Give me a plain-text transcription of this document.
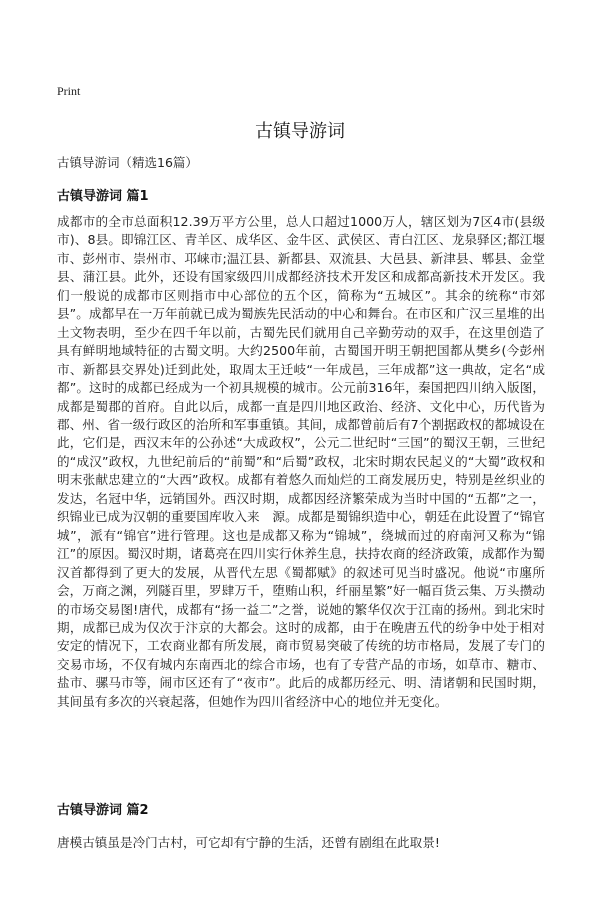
Print
古镇导游词

古镇导游词（精选16篇）

古镇导游词 篇1

成都市的全市总面积12.39万平方公里，总人口超过1000万人，辖区划为7区4市(县级市)、8县。即锦江区、青羊区、成华区、金牛区、武侯区、青白江区、龙泉驿区;都江堰市、彭州市、崇州市、邛崃市;温江县、新都县、双流县、大邑县、新津县、郫县、金堂县、蒲江县。此外，还设有国家级四川成都经济技术开发区和成都高新技术开发区。我们一般说的成都市区则指市中心部位的五个区，简称为“五城区”。其余的统称“市郊县”。成都早在一万年前就已成为蜀族先民活动的中心和舞台。在市区和广汉三星堆的出土文物表明，至少在四千年以前，古蜀先民们就用自己辛勤劳动的双手，在这里创造了具有鲜明地域特征的古蜀文明。大约2500年前，古蜀国开明王朝把国都从樊乡(今彭州市、新都县交界处)迁到此处，取周太王迁岐“一年成邑，三年成都”这一典故，定名“成都”。这时的成都已经成为一个初具规模的城市。公元前316年，秦国把四川纳入版图，成都是蜀郡的首府。自此以后，成都一直是四川地区政治、经济、文化中心，历代皆为郡、州、省一级行政区的治所和军事重镇。其间，成都曾前后有7个割据政权的都城设在此，它们是，西汉末年的公孙述“大成政权”，公元二世纪时“三国”的蜀汉王朝，三世纪的“成汉”政权，九世纪前后的“前蜀”和“后蜀”政权，北宋时期农民起义的“大蜀”政权和明末张献忠建立的“大西”政权。成都有着悠久而灿烂的工商发展历史，特别是丝织业的发达，名冠中华，远销国外。西汉时期，成都因经济繁荣成为当时中国的“五都”之一，织锦业已成为汉朝的重要国库收入来　源。成都是蜀锦织造中心，朝廷在此设置了“锦官城”，派有“锦官”进行管理。这也是成都又称为“锦城”，绕城而过的府南河又称为“锦江”的原因。蜀汉时期，诸葛亮在四川实行休养生息，扶持农商的经济政策，成都作为蜀汉首都得到了更大的发展，从晋代左思《蜀都赋》的叙述可见当时盛况。他说“市廛所会，万商之渊，列隧百里，罗肆万千，堕贿山积，纤丽星繁”好一幅百货云集、万头攒动的市场交易图!唐代，成都有“扬一益二”之誉，说她的繁华仅次于江南的扬州。到北宋时期，成都已成为仅次于汴京的大都会。这时的成都，由于在晚唐五代的纷争中处于相对安定的情况下，工农商业都有所发展，商市贸易突破了传统的坊市格局，发展了专门的交易市场，不仅有城内东南西北的综合市场，也有了专营产品的市场，如草市、糖市、盐市、骡马市等，闹市区还有了“夜市”。此后的成都历经元、明、清诸朝和民国时期，其间虽有多次的兴衰起落，但她作为四川省经济中心的地位并无变化。

古镇导游词 篇2

唐模古镇虽是冷门古村，可它却有宁静的生活，还曾有剧组在此取景!
